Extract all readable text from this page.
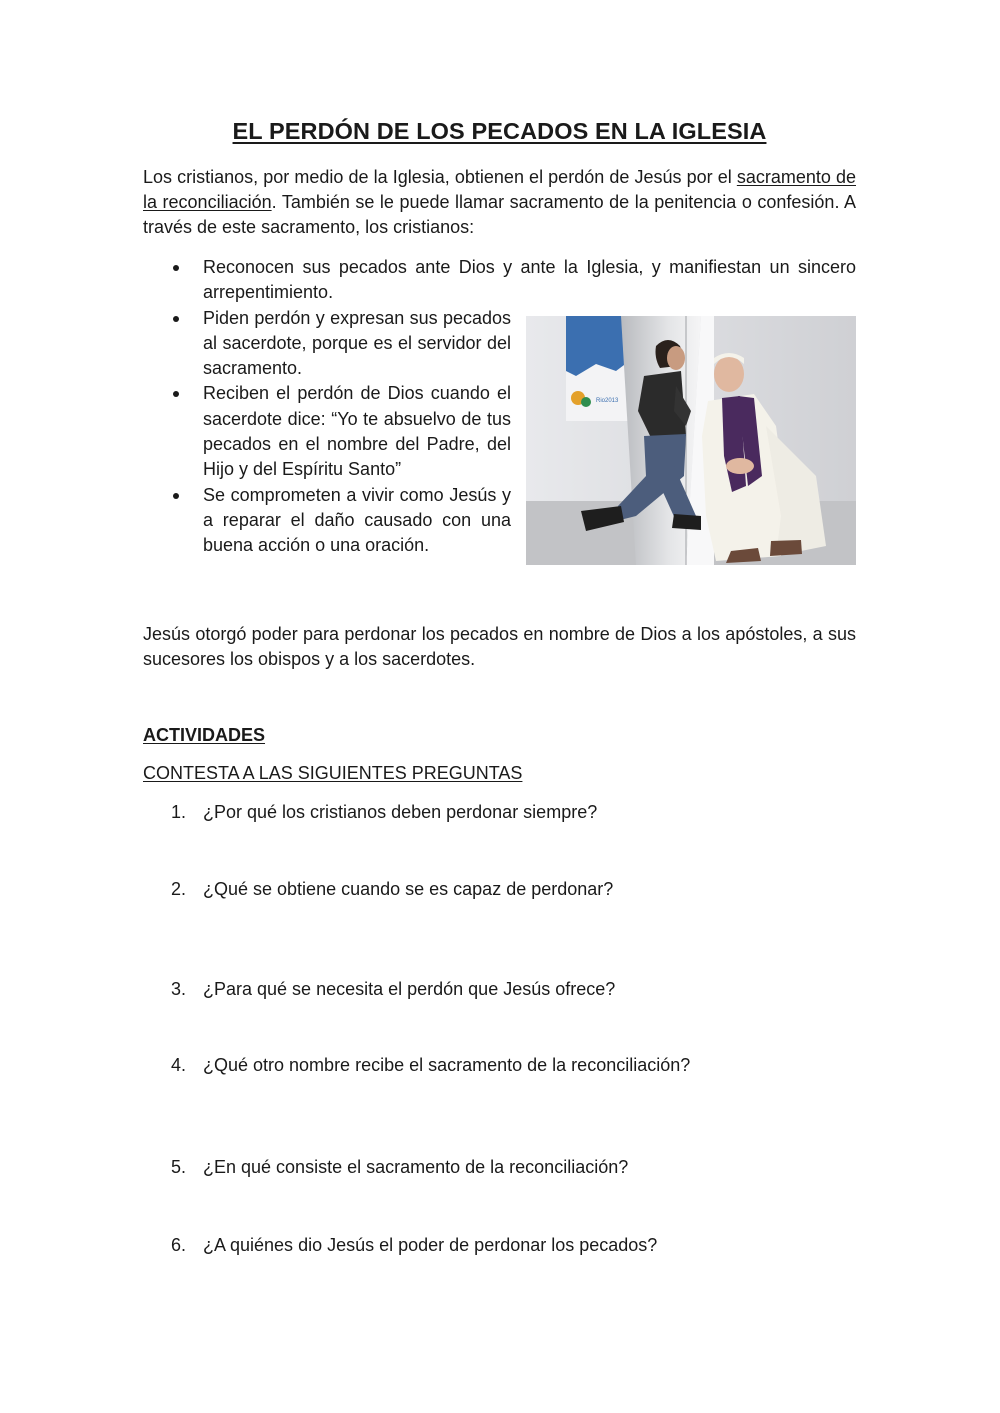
EL PERDÓN DE LOS PECADOS EN LA IGLESIA
Los cristianos, por medio de la Iglesia, obtienen el perdón de Jesús por el sacramento de la reconciliación. También se le puede llamar sacramento de la penitencia o confesión. A través de este sacramento, los cristianos:
Reconocen sus pecados ante Dios y ante la Iglesia, y manifiestan un sincero arrepentimiento.
Piden perdón y expresan sus pecados al sacerdote, porque es el servidor del sacramento.
Reciben el perdón de Dios cuando el sacerdote dice: “Yo te absuelvo de tus pecados en el nombre del Padre, del Hijo y del Espíritu Santo”
Se comprometen a vivir como Jesús y a reparar el daño causado con una buena acción o una oración.
Rio2013
Jesús otorgó poder para perdonar los pecados en nombre de Dios a los apóstoles, a sus sucesores los obispos y a los sacerdotes.
ACTIVIDADES
CONTESTA A LAS SIGUIENTES PREGUNTAS
1. ¿Por qué los cristianos deben perdonar siempre?
2. ¿Qué se obtiene cuando se es capaz de perdonar?
3. ¿Para qué se necesita el perdón que Jesús ofrece?
4. ¿Qué otro nombre recibe el sacramento de la reconciliación?
5. ¿En qué consiste el sacramento de la reconciliación?
6. ¿A quiénes dio Jesús el poder de perdonar los pecados?
